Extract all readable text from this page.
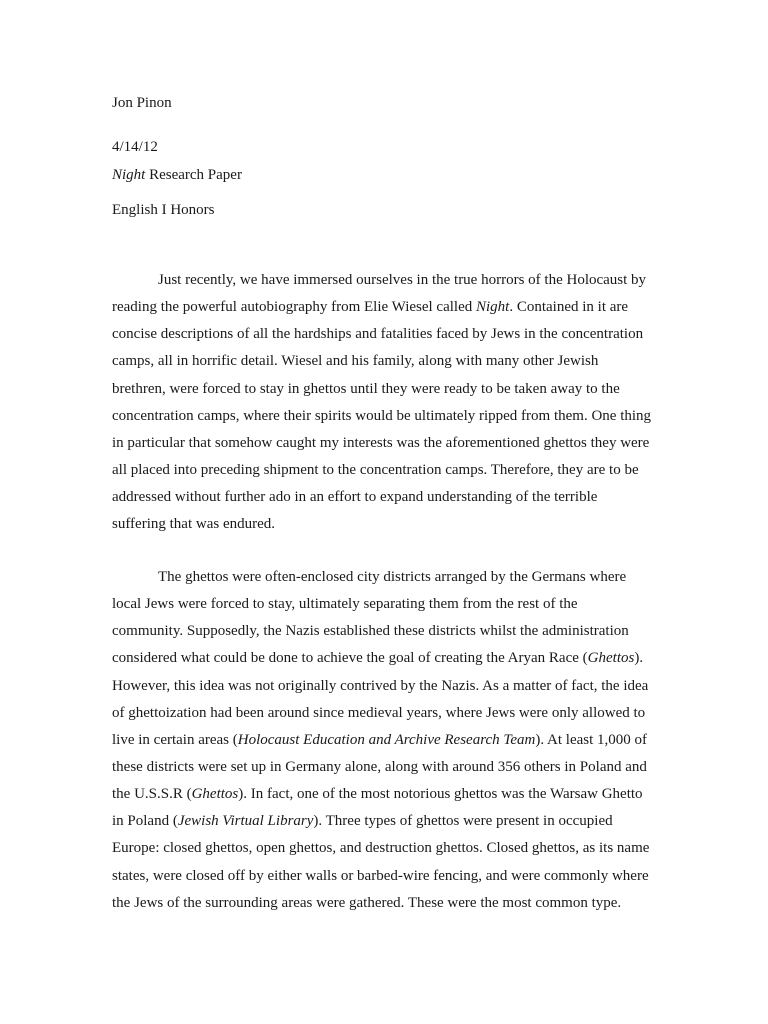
Jon Pinon
4/14/12
Night Research Paper
English I Honors
Just recently, we have immersed ourselves in the true horrors of the Holocaust by
reading the powerful autobiography from Elie Wiesel called Night. Contained in it are
concise descriptions of all the hardships and fatalities faced by Jews in the concentration
camps, all in horrific detail. Wiesel and his family, along with many other Jewish
brethren, were forced to stay in ghettos until they were ready to be taken away to the
concentration camps, where their spirits would be ultimately ripped from them. One thing
in particular that somehow caught my interests was the aforementioned ghettos they were
all placed into preceding shipment to the concentration camps. Therefore, they are to be
addressed without further ado in an effort to expand understanding of the terrible
suffering that was endured.
The ghettos were often-enclosed city districts arranged by the Germans where
local Jews were forced to stay, ultimately separating them from the rest of the
community. Supposedly, the Nazis established these districts whilst the administration
considered what could be done to achieve the goal of creating the Aryan Race (Ghettos).
However, this idea was not originally contrived by the Nazis. As a matter of fact, the idea
of ghettoization had been around since medieval years, where Jews were only allowed to
live in certain areas (Holocaust Education and Archive Research Team). At least 1,000 of
these districts were set up in Germany alone, along with around 356 others in Poland and
the U.S.S.R (Ghettos). In fact, one of the most notorious ghettos was the Warsaw Ghetto
in Poland (Jewish Virtual Library). Three types of ghettos were present in occupied
Europe: closed ghettos, open ghettos, and destruction ghettos. Closed ghettos, as its name
states, were closed off by either walls or barbed-wire fencing, and were commonly where
the Jews of the surrounding areas were gathered. These were the most common type.
